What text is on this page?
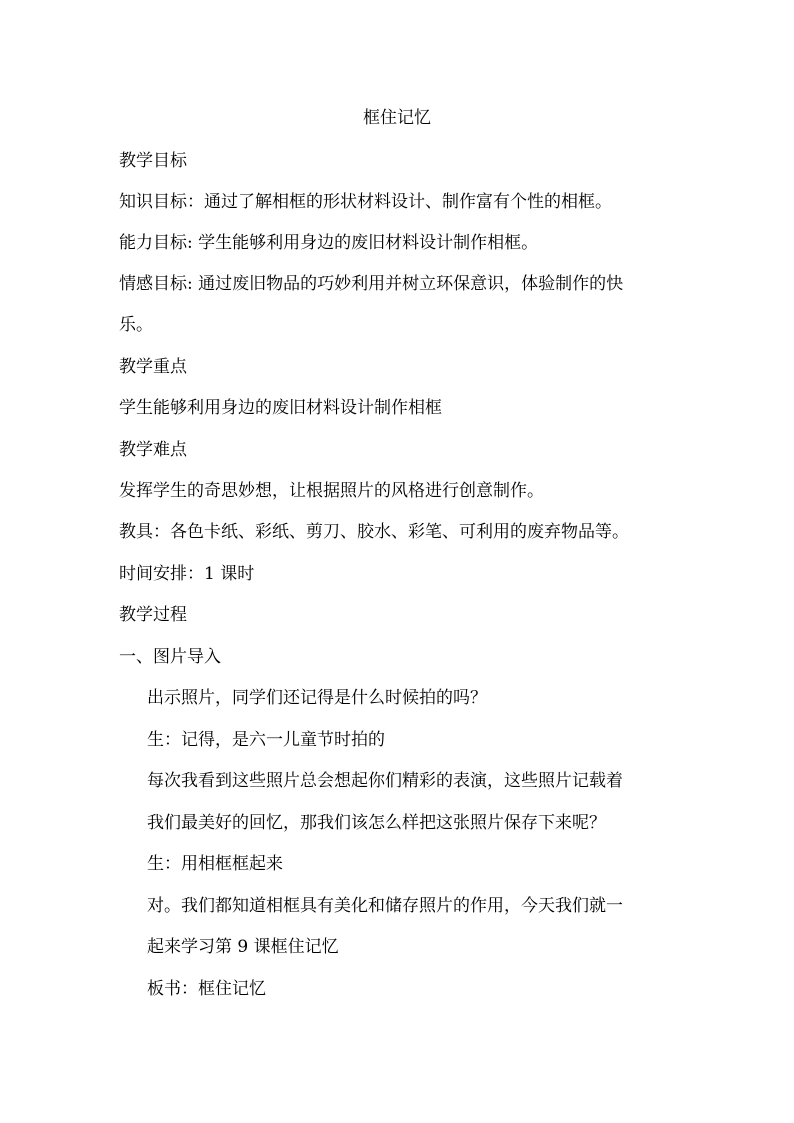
框住记忆

教学目标

知识目标：通过了解相框的形状材料设计、制作富有个性的相框。

能力目标: 学生能够利用身边的废旧材料设计制作相框。

情感目标: 通过废旧物品的巧妙利用并树立环保意识，体验制作的快

乐。

教学重点

学生能够利用身边的废旧材料设计制作相框

教学难点

发挥学生的奇思妙想，让根据照片的风格进行创意制作。

教具：各色卡纸、彩纸、剪刀、胶水、彩笔、可利用的废弃物品等。

时间安排：1 课时

教学过程

一、图片导入

出示照片，同学们还记得是什么时候拍的吗？

生：记得，是六一儿童节时拍的

每次我看到这些照片总会想起你们精彩的表演，这些照片记载着

我们最美好的回忆，那我们该怎么样把这张照片保存下来呢？

生：用相框框起来

对。我们都知道相框具有美化和储存照片的作用，今天我们就一

起来学习第 9 课框住记忆

板书：框住记忆
